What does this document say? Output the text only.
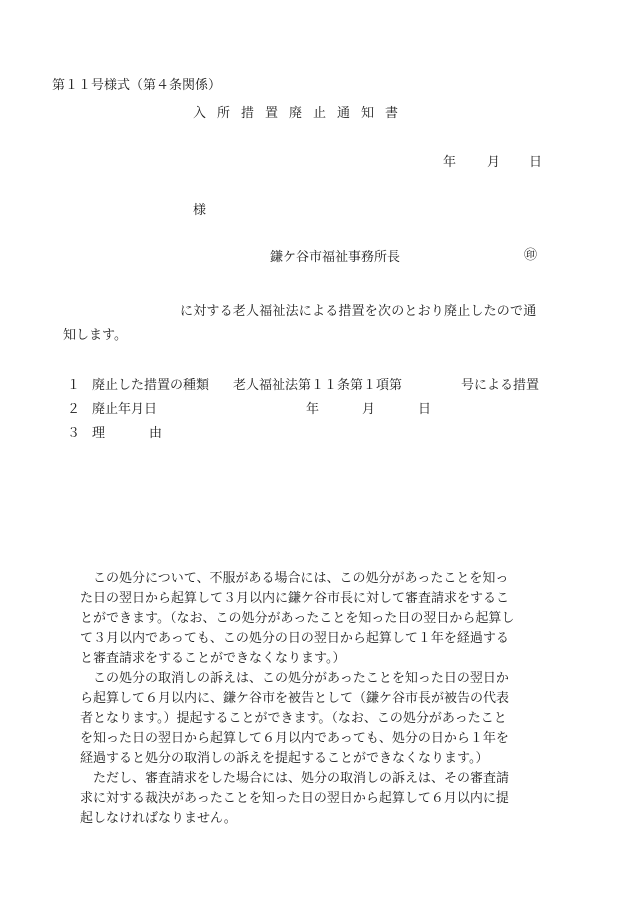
第１１号様式（第４条関係）
入所措置廃止通知書
年 月 日
様
鎌ケ谷市福祉事務所長	㊞
に対する老人福祉法による措置を次のとおり廃止したので通
知します。
１ 廃止した措置の種類 老人福祉法第１１条第１項第	号による措置
２ 廃止年月日	年	月	日
３ 理	由

　この処分について、不服がある場合には、この処分があったことを知っ

た日の翌日から起算して３月以内に鎌ケ谷市長に対して審査請求をするこ

とができます。（なお、この処分があったことを知った日の翌日から起算し

て３月以内であっても、この処分の日の翌日から起算して１年を経過する

と審査請求をすることができなくなります。）

　この処分の取消しの訴えは、この処分があったことを知った日の翌日か

ら起算して６月以内に、鎌ケ谷市を被告として（鎌ケ谷市長が被告の代表

者となります。）提起することができます。（なお、この処分があったこと

を知った日の翌日から起算して６月以内であっても、処分の日から１年を

経過すると処分の取消しの訴えを提起することができなくなります。）

　ただし、審査請求をした場合には、処分の取消しの訴えは、その審査請

求に対する裁決があったことを知った日の翌日から起算して６月以内に提

起しなければなりません。
